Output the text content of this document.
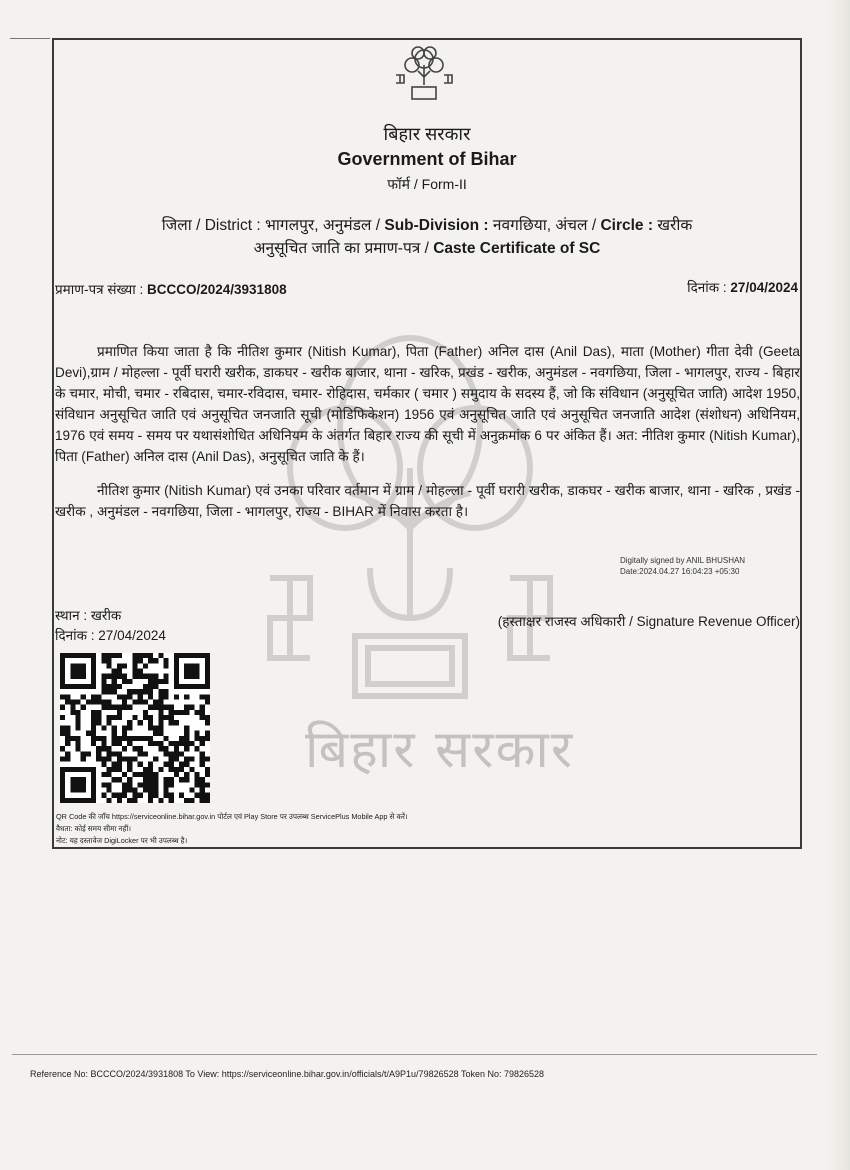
बिहार सरकार
बिहार सरकार
Government of Bihar
फॉर्म / Form-II
जिला / District : भागलपुर, अनुमंडल / Sub-Division : नवगछिया, अंचल / Circle : खरीक
अनुसूचित जाति का प्रमाण-पत्र / Caste Certificate of SC
प्रमाण-पत्र संख्या : BCCCO/2024/3931808	दिनांक : 27/04/2024
प्रमाणित किया जाता है कि नीतिश कुमार (Nitish Kumar), पिता (Father) अनिल दास (Anil Das), माता (Mother) गीता देवी (Geeta Devi),ग्राम / मोहल्ला - पूर्वी घरारी खरीक, डाकघर - खरीक बाजार, थाना - खरिक, प्रखंड - खरीक, अनुमंडल - नवगछिया, जिला - भागलपुर, राज्य - बिहार के चमार, मोची, चमार - रबिदास, चमार-रविदास, चमार- रोहिदास, चर्मकार ( चमार ) समुदाय के सदस्य हैं, जो कि संविधान (अनुसूचित जाति) आदेश 1950, संविधान अनुसूचित जाति एवं अनुसूचित जनजाति सूची (मोडिफिकेशन) 1956 एवं अनुसूचित जाति एवं अनुसूचित जनजाति आदेश (संशोधन) अधिनियम, 1976 एवं समय - समय पर यथासंशोधित अधिनियम के अंतर्गत बिहार राज्य की सूची में अनुक्रमांक 6 पर अंकित हैं। अत: नीतिश कुमार (Nitish Kumar), पिता (Father) अनिल दास (Anil Das), अनुसूचित जाति के हैं।
नीतिश कुमार (Nitish Kumar) एवं उनका परिवार वर्तमान में ग्राम / मोहल्ला - पूर्वी घरारी खरीक, डाकघर - खरीक बाजार, थाना - खरिक , प्रखंड - खरीक , अनुमंडल - नवगछिया, जिला - भागलपुर, राज्य - BIHAR में निवास करता है।
Digitally signed by ANIL BHUSHAN
Date:2024.04.27 16:04:23 +05:30
स्थान : खरीक
दिनांक : 27/04/2024
(हस्ताक्षर राजस्व अधिकारी / Signature Revenue Officer)
QR Code की जाँच https://serviceonline.bihar.gov.in पोर्टल एवं Play Store पर उपलब्ध ServicePlus Mobile App से करें।
वैधता: कोई समय सीमा नहीं।
नोट: यह दस्तावेज DigiLocker पर भी उपलब्ध है।
Reference No: BCCCO/2024/3931808 To View: https://serviceonline.bihar.gov.in/officials/t/A9P1u/79826528 Token No: 79826528
